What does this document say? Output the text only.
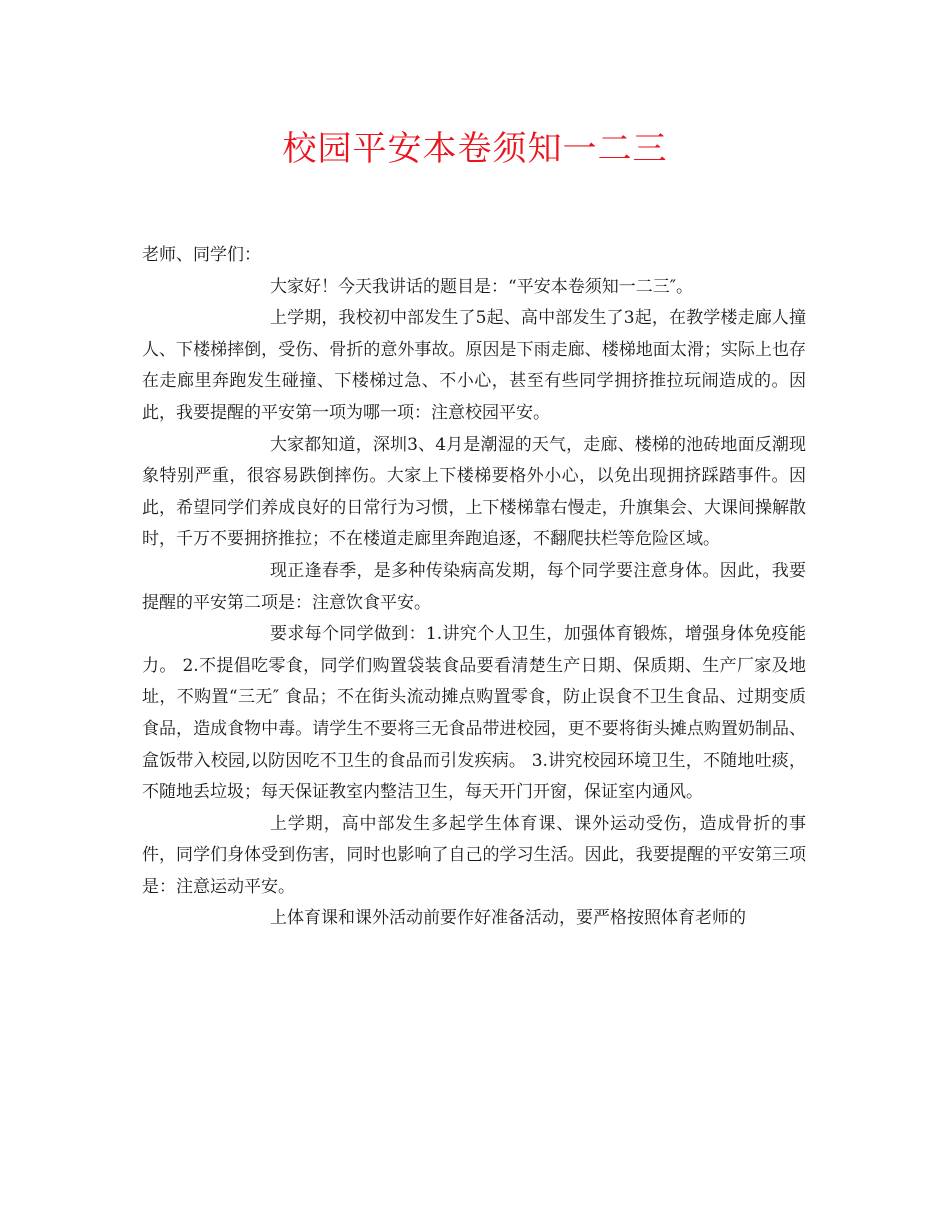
校园平安本卷须知一二三

老师、同学们：

大家好！今天我讲话的题目是：“平安本卷须知一二三″。

上学期，我校初中部发生了5起、高中部发生了3起，在教学楼走廊人撞人、下楼梯摔倒，受伤、骨折的意外事故。原因是下雨走廊、楼梯地面太滑；实际上也存在走廊里奔跑发生碰撞、下楼梯过急、不小心，甚至有些同学拥挤推拉玩闹造成的。因此，我要提醒的平安第一项为哪一项：注意校园平安。

大家都知道，深圳3、4月是潮湿的天气，走廊、楼梯的池砖地面反潮现象特别严重，很容易跌倒摔伤。大家上下楼梯要格外小心，以免出现拥挤踩踏事件。因此，希望同学们养成良好的日常行为习惯，上下楼梯靠右慢走，升旗集会、大课间操解散时，千万不要拥挤推拉；不在楼道走廊里奔跑追逐，不翻爬扶栏等危险区域。

现正逢春季，是多种传染病高发期，每个同学要注意身体。因此，我要提醒的平安第二项是：注意饮食平安。

要求每个同学做到：1.讲究个人卫生，加强体育锻炼，增强身体免疫能力。 2.不提倡吃零食，同学们购置袋装食品要看清楚生产日期、保质期、生产厂家及地址，不购置“三无″ 食品；不在街头流动摊点购置零食，防止误食不卫生食品、过期变质食品，造成食物中毒。请学生不要将三无食品带进校园，更不要将街头摊点购置奶制品、盒饭带入校园,以防因吃不卫生的食品而引发疾病。 3.讲究校园环境卫生，不随地吐痰，不随地丢垃圾；每天保证教室内整洁卫生，每天开门开窗，保证室内通风。

上学期，高中部发生多起学生体育课、课外运动受伤，造成骨折的事件，同学们身体受到伤害，同时也影响了自己的学习生活。因此，我要提醒的平安第三项是：注意运动平安。

上体育课和课外活动前要作好准备活动，要严格按照体育老师的
